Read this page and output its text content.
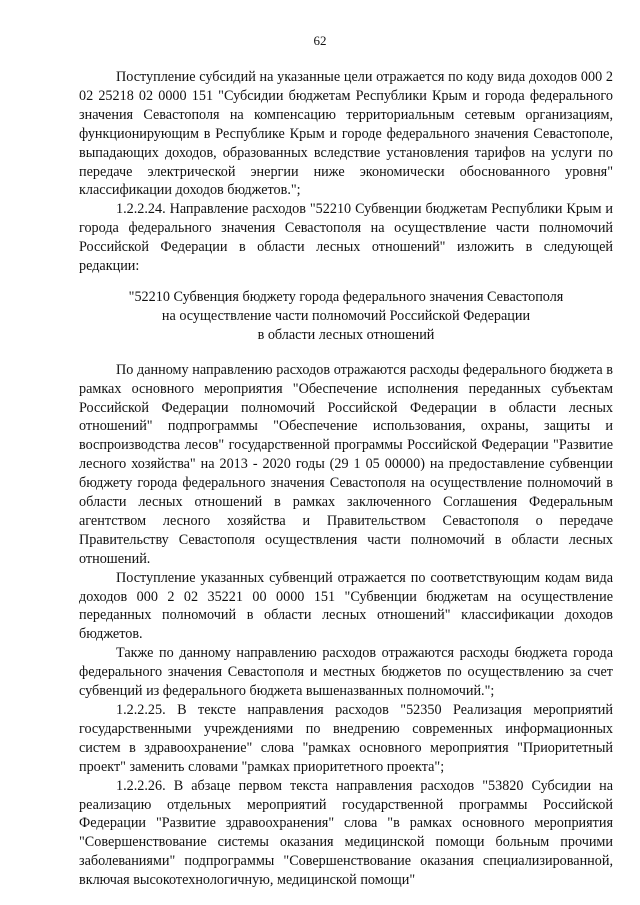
62

Поступление субсидий на указанные цели отражается по коду вида доходов 000 2 02 25218 02 0000 151 "Субсидии бюджетам Республики Крым и города федерального значения Севастополя на компенсацию территориальным сетевым организациям, функционирующим в Республике Крым и городе федерального значения Севастополе, выпадающих доходов, образованных вследствие установления тарифов на услуги по передаче электрической энергии ниже экономически обоснованного уровня" классификации доходов бюджетов.";

1.2.2.24. Направление расходов "52210 Субвенции бюджетам Республики Крым и города федерального значения Севастополя на осуществление части полномочий Российской Федерации в области лесных отношений" изложить в следующей редакции:

"52210 Субвенция бюджету города федерального значения Севастополя
на осуществление части полномочий Российской Федерации
в области лесных отношений

По данному направлению расходов отражаются расходы федерального бюджета в рамках основного мероприятия "Обеспечение исполнения переданных субъектам Российской Федерации полномочий Российской Федерации в области лесных отношений" подпрограммы "Обеспечение использования, охраны, защиты и воспроизводства лесов" государственной программы Российской Федерации "Развитие лесного хозяйства" на 2013 - 2020 годы (29 1 05 00000) на предоставление субвенции бюджету города федерального значения Севастополя на осуществление полномочий в области лесных отношений в рамках заключенного Соглашения Федеральным агентством лесного хозяйства и Правительством Севастополя о передаче Правительству Севастополя осуществления части полномочий в области лесных отношений.

Поступление указанных субвенций отражается по соответствующим кодам вида доходов 000 2 02 35221 00 0000 151 "Субвенции бюджетам на осуществление переданных полномочий в области лесных отношений" классификации доходов бюджетов.

Также по данному направлению расходов отражаются расходы бюджета города федерального значения Севастополя и местных бюджетов по осуществлению за счет субвенций из федерального бюджета вышеназванных полномочий.";

1.2.2.25. В тексте направления расходов "52350 Реализация мероприятий государственными учреждениями по внедрению современных информационных систем в здравоохранение" слова "рамках основного мероприятия "Приоритетный проект" заменить словами "рамках приоритетного проекта";

1.2.2.26. В абзаце первом текста направления расходов "53820 Субсидии на реализацию отдельных мероприятий государственной программы Российской Федерации "Развитие здравоохранения" слова "в рамках основного мероприятия "Совершенствование системы оказания медицинской помощи больным прочими заболеваниями" подпрограммы "Совершенствование оказания специализированной, включая высокотехнологичную, медицинской помощи"
